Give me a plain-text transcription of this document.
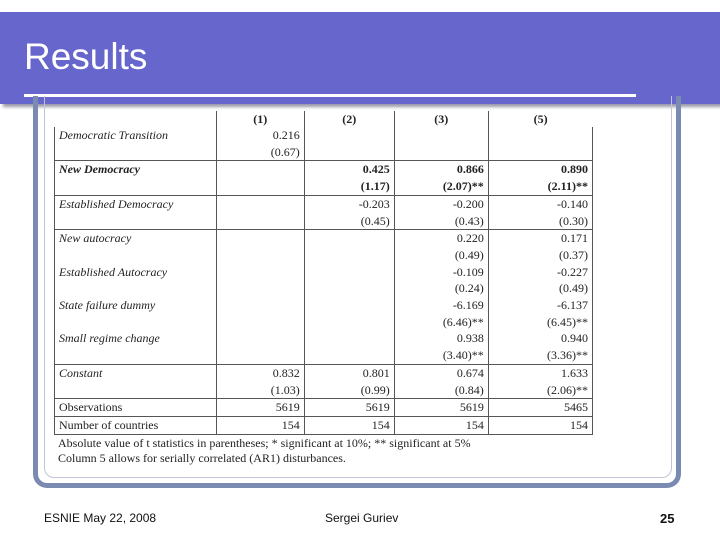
Results
	(1)	(2)	(3)	(5)
Democratic Transition	0.216			
	(0.67)			
New Democracy		0.425	0.866	0.890
		(1.17)	(2.07)**	(2.11)**
Established Democracy		-0.203	-0.200	-0.140
		(0.45)	(0.43)	(0.30)
New autocracy			0.220	0.171
			(0.49)	(0.37)
Established Autocracy			-0.109	-0.227
			(0.24)	(0.49)
State failure dummy			-6.169	-6.137
			(6.46)**	(6.45)**
Small regime change			0.938	0.940
			(3.40)**	(3.36)**
Constant	0.832	0.801	0.674	1.633
	(1.03)	(0.99)	(0.84)	(2.06)**
Observations	5619	5619	5619	5465
Number of countries	154	154	154	154
Absolute value of t statistics in parentheses; * significant at 10%; ** significant at 5%
Column 5 allows for serially correlated (AR1) disturbances.
ESNIE May 22, 2008	Sergei Guriev	25
